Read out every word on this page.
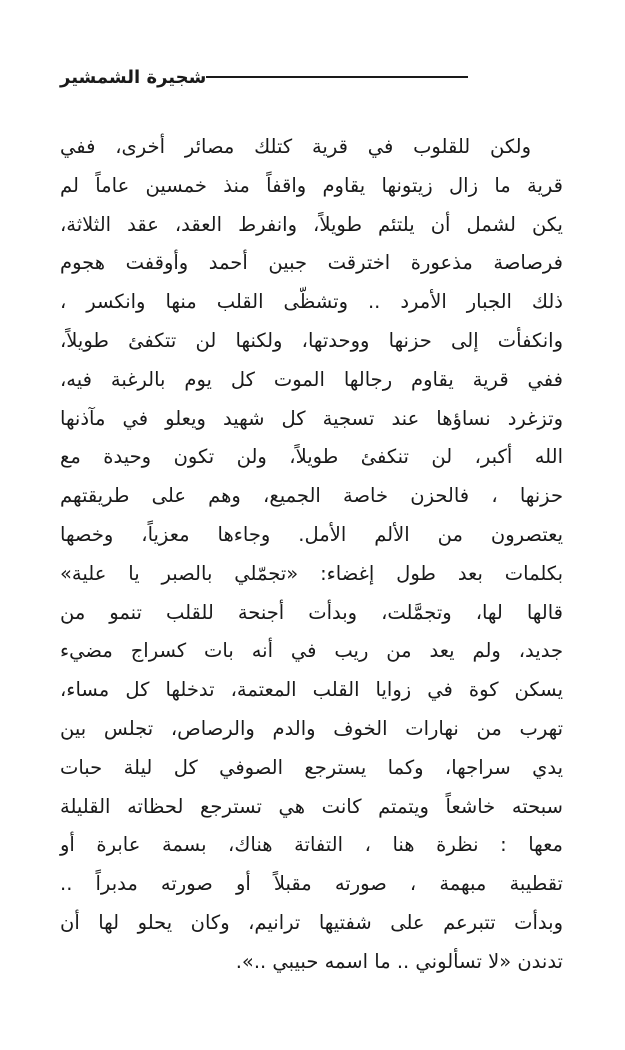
شجيرة الشمشير
ولكن للقلوب في قرية كتلك مصائر أخرى، ففي
قرية ما زال زيتونها يقاوم واقفاً منذ خمسين عاماً لم
يكن لشمل أن يلتئم طويلاً، وانفرط العقد، عقد الثلاثة،
فرصاصة مذعورة اخترقت جبين أحمد وأوقفت هجوم
ذلك الجبار الأمرد .. وتشظّى القلب منها وانكسر ،
وانكفأت إلى حزنها ووحدتها، ولكنها لن تتكفئ طويلاً،
ففي قرية يقاوم رجالها الموت كل يوم بالرغبة فيه،
وتزغرد نساؤها عند تسجية كل شهيد ويعلو في مآذنها
الله أكبر، لن تنكفئ طويلاً، ولن تكون وحيدة مع
حزنها ، فالحزن خاصة الجميع، وهم على طريقتهم
يعتصرون من الألم الأمل. وجاءها معزياً، وخصها
بكلمات بعد طول إغضاء: «تجمّلي بالصبر يا علية»
قالها لها، وتجمَّلت، وبدأت أجنحة للقلب تنمو من
جديد، ولم يعد من ريب في أنه بات كسراج مضيء
يسكن كوة في زوايا القلب المعتمة، تدخلها كل مساء،
تهرب من نهارات الخوف والدم والرصاص، تجلس بين
يدي سراجها، وكما يسترجع الصوفي كل ليلة حبات
سبحته خاشعاً ويتمتم كانت هي تسترجع لحظاته القليلة
معها : نظرة هنا ، التفاتة هناك، بسمة عابرة أو
تقطيبة مبهمة ، صورته مقبلاً أو صورته مدبراً ..
وبدأت تتبرعم على شفتيها ترانيم، وكان يحلو لها أن
تدندن «لا تسألوني .. ما اسمه حبيبي ..».
